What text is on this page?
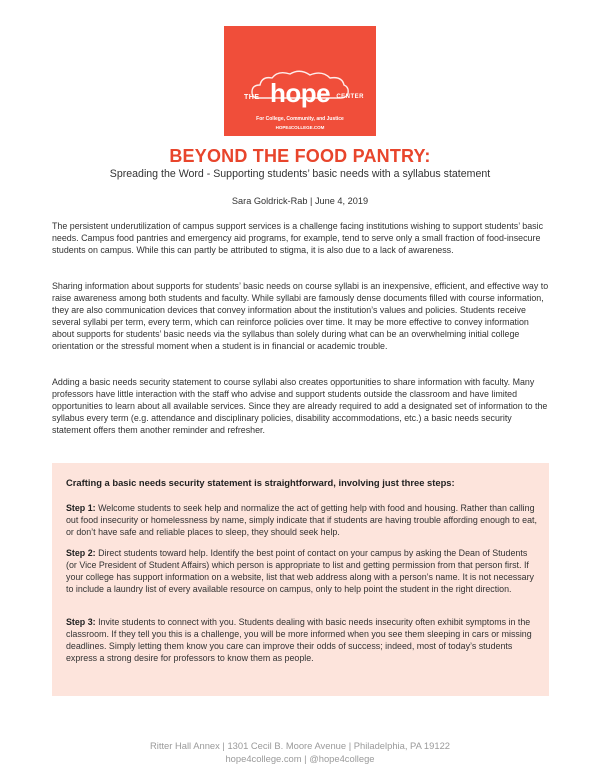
THE hope	CENTER
For College, Community, and Justice
HOPE4COLLEGE.COM
BEYOND THE FOOD PANTRY:
Spreading the Word - Supporting students’ basic needs with a syllabus statement
Sara Goldrick-Rab | June 4, 2019

The persistent underutilization of campus support services is a challenge facing institutions wishing to support students’ basic needs. Campus food pantries and emergency aid programs, for example, tend to serve only a small fraction of food-insecure students on campus. While this can partly be attributed to stigma, it is also due to a lack of awareness.

Sharing information about supports for students’ basic needs on course syllabi is an inexpensive, efficient, and effective way to raise awareness among both students and faculty. While syllabi are famously dense documents filled with course information, they are also communication devices that convey information about the institution’s values and policies. Students receive several syllabi per term, every term, which can reinforce policies over time. It may be more effective to convey information about supports for students’ basic needs via the syllabus than solely during what can be an overwhelming initial college orientation or the stressful moment when a student is in financial or academic trouble.

Adding a basic needs security statement to course syllabi also creates opportunities to share information with faculty. Many professors have little interaction with the staff who advise and support students outside the classroom and have limited opportunities to learn about all available services. Since they are already required to add a designated set of information to the syllabus every term (e.g. attendance and disciplinary policies, disability accommodations, etc.) a basic needs security statement offers them another reminder and refresher.

Crafting a basic needs security statement is straightforward, involving just three steps:

Step 1: Welcome students to seek help and normalize the act of getting help with food and housing. Rather than calling out food insecurity or homelessness by name, simply indicate that if students are having trouble affording enough to eat, or don’t have safe and reliable places to sleep, they should seek help.

Step 2: Direct students toward help. Identify the best point of contact on your campus by asking the Dean of Students (or Vice President of Student Affairs) which person is appropriate to list and getting permission from that person first. If your college has support information on a website, list that web address along with a person’s name. It is not necessary to include a laundry list of every available resource on campus, only to help point the student in the right direction.

Step 3: Invite students to connect with you. Students dealing with basic needs insecurity often exhibit symptoms in the classroom. If they tell you this is a challenge, you will be more informed when you see them sleeping in cars or missing deadlines. Simply letting them know you care can improve their odds of success; indeed, most of today’s students express a strong desire for professors to know them as people.

Ritter Hall Annex | 1301 Cecil B. Moore Avenue | Philadelphia, PA 19122
hope4college.com | @hope4college
